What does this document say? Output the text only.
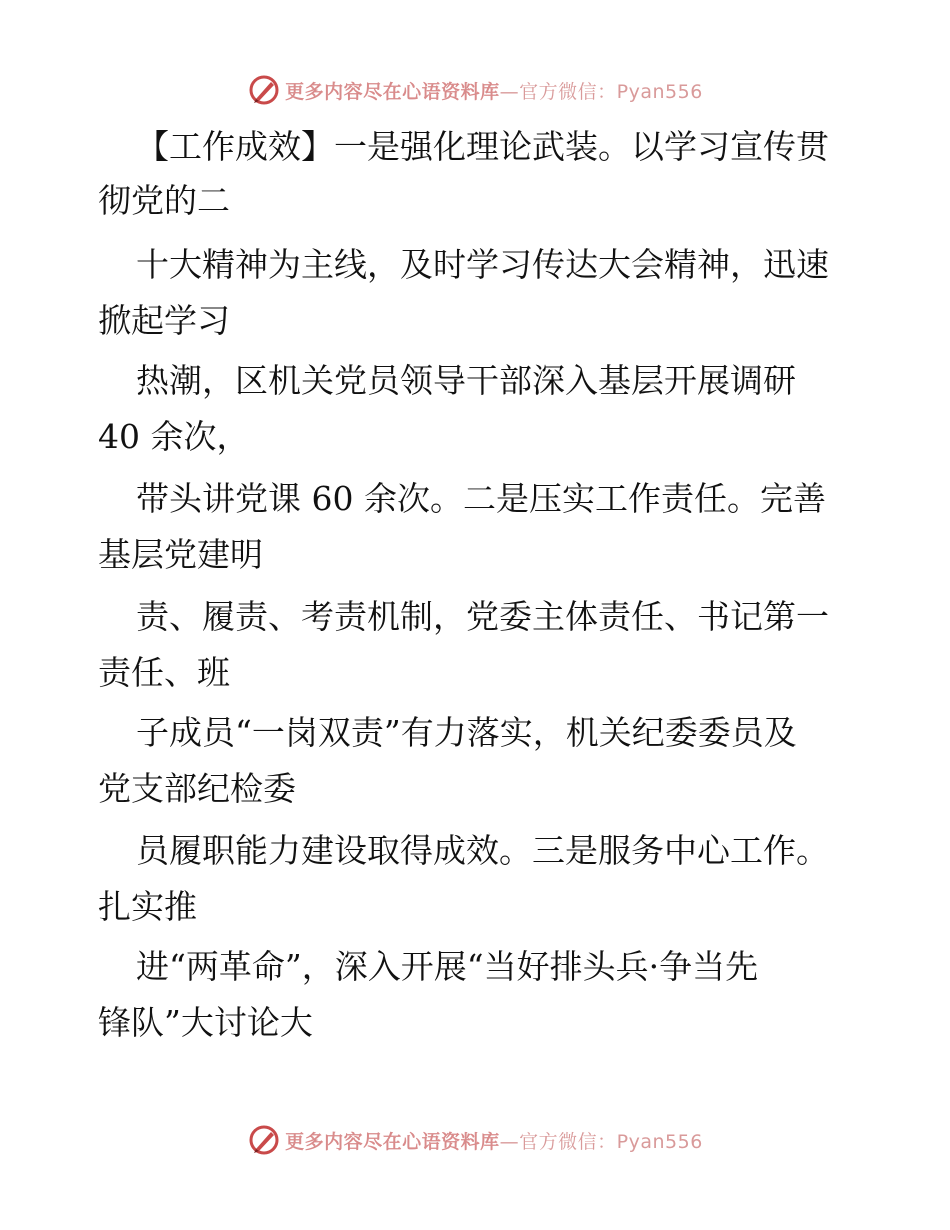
更多内容尽在心语资料库—官方微信：Pyan556
【工作成效】一是强化理论武装。以学习宣传贯
彻党的二
十大精神为主线，及时学习传达大会精神，迅速
掀起学习
热潮，区机关党员领导干部深入基层开展调研
40 余次，
带头讲党课 60 余次。二是压实工作责任。完善
基层党建明
责、履责、考责机制，党委主体责任、书记第一
责任、班
子成员“一岗双责”有力落实，机关纪委委员及
党支部纪检委
员履职能力建设取得成效。三是服务中心工作。
扎实推
进“两革命”，深入开展“当好排头兵·争当先
锋队”大讨论大
更多内容尽在心语资料库—官方微信：Pyan556
